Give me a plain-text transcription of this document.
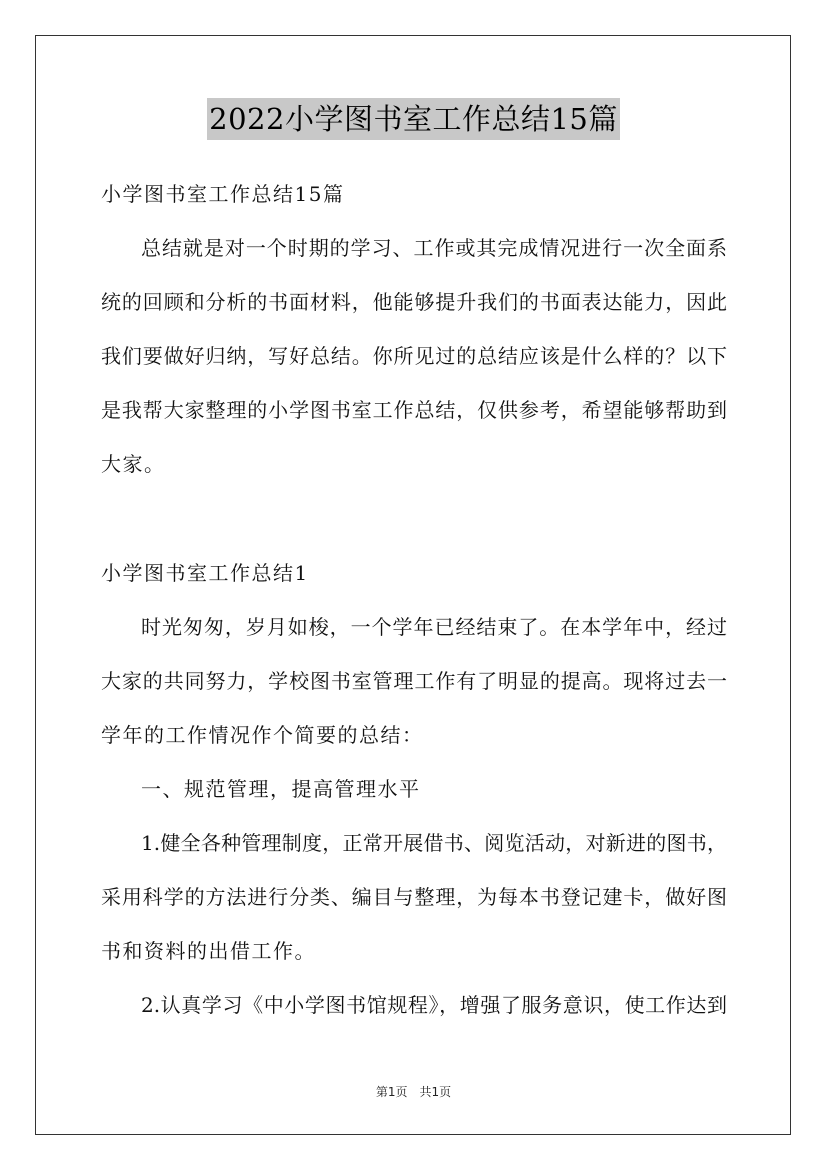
2022小学图书室工作总结15篇
小学图书室工作总结15篇
总结就是对一个时期的学习、工作或其完成情况进行一次全面系
统的回顾和分析的书面材料，他能够提升我们的书面表达能力，因此
我们要做好归纳，写好总结。你所见过的总结应该是什么样的？以下
是我帮大家整理的小学图书室工作总结，仅供参考，希望能够帮助到
大家。
小学图书室工作总结1
时光匆匆，岁月如梭，一个学年已经结束了。在本学年中，经过
大家的共同努力，学校图书室管理工作有了明显的提高。现将过去一
学年的工作情况作个简要的总结：
一、规范管理，提高管理水平
1.健全各种管理制度，正常开展借书、阅览活动，对新进的图书，
采用科学的方法进行分类、编目与整理，为每本书登记建卡，做好图
书和资料的出借工作。
2.认真学习《中小学图书馆规程》，增强了服务意识，使工作达到
第1页　共1页
